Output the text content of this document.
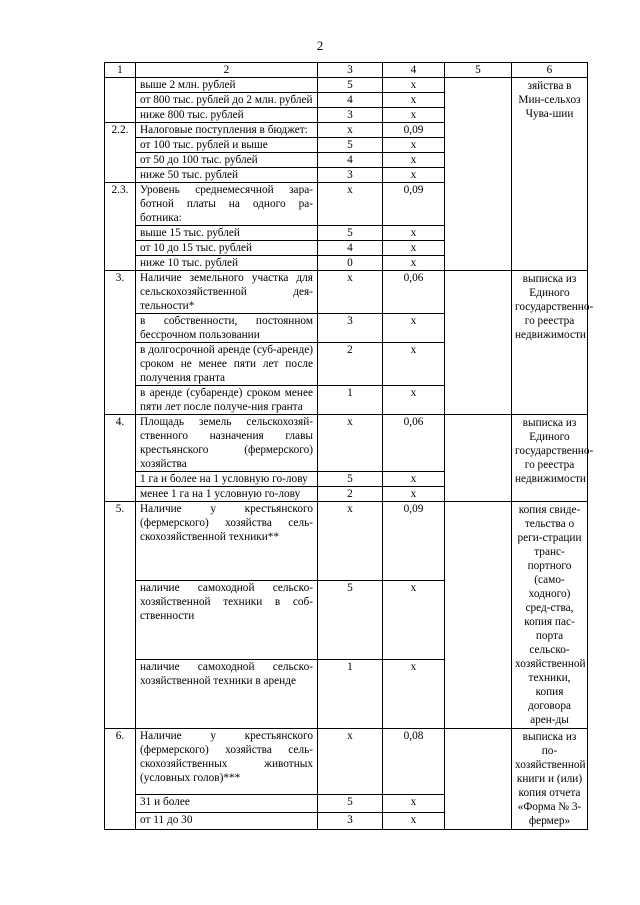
2
1	2	3	4	5	6
	выше 2 млн. рублей	5	х		зяйства в Мин-сельхоз Чува-шии
	от 800 тыс. рублей до 2 млн. рублей	4	х		
	ниже 800 тыс. рублей	3	х		
2.2.	Налоговые поступления в бюджет:	х	0,09		
	от 100 тыс. рублей и выше	5	х		
	от 50 до 100 тыс. рублей	4	х		
	ниже 50 тыс. рублей	3	х		
2.3.	Уровень среднемесячной зара-ботной платы на одного ра-ботника:	х	0,09		
	выше 15 тыс. рублей	5	х		
	от 10 до 15 тыс. рублей	4	х		
	ниже 10 тыс. рублей	0	х		
3.	Наличие земельного участка для сельскохозяйственной дея-тельности*	х	0,06		выписка из Единого государственно-го реестра недвижимости
	в собственности, постоянном бессрочном пользовании	3	х		
	в долгосрочной аренде (суб-аренде) сроком не менее пяти лет после получения гранта	2	х		
	в аренде (субаренде) сроком менее пяти лет после получе-ния гранта	1	х		
4.	Площадь земель сельскохозяй-ственного назначения главы крестьянского (фермерского) хозяйства	х	0,06		выписка из Единого государственно-го реестра недвижимости
	1 га и более на 1 условную го-лову	5	х		
	менее 1 га на 1 условную го-лову	2	х		
5.	Наличие у крестьянского (фермерского) хозяйства сель-скохозяйственной техники**	х	0,09		копия свиде-тельства о реги-страции транс-портного (само-ходного) сред-ства, копия пас-порта сельско-хозяйственной техники, копия договора арен-ды
	наличие самоходной сельско-хозяйственной техники в соб-ственности	5	х		
	наличие самоходной сельско-хозяйственной техники в аренде	1	х		
6.	Наличие у крестьянского (фермерского) хозяйства сель-скохозяйственных животных (условных голов)***	х	0,08		выписка из по-хозяйственной книги и (или) копия отчета «Форма № 3-фермер»
	31 и более	5	х		
	от 11 до 30	3	х		
